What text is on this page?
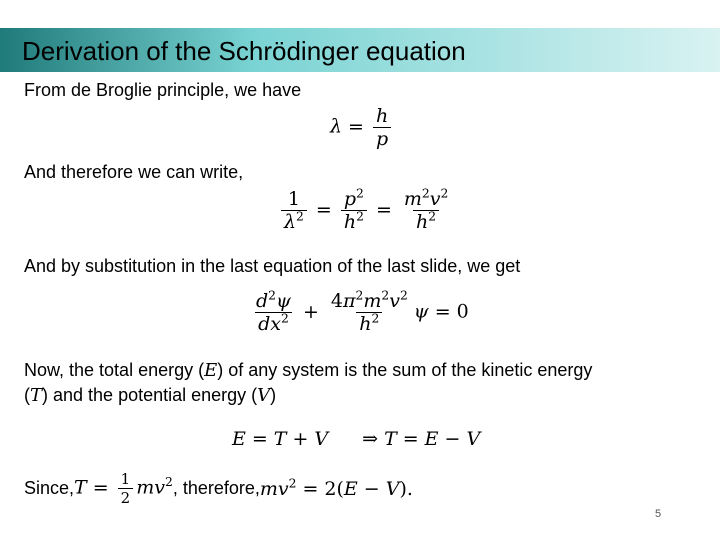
Derivation of the Schrödinger equation
From de Broglie principle, we have
$\lambda = \frac{h}{p}$
And therefore we can write,
$\frac{1}{\lambda^2} = \frac{p^2}{h^2} = \frac{m^2v^2}{h^2}$
And by substitution in the last equation of the last slide, we get
$\frac{d^2\psi}{dx^2} + \frac{4\pi^2m^2v^2}{h^2}$ ψ = 0
Now, the total energy (E) of any system is the sum of the kinetic energy
(T) and the potential energy (V)
E = T + V ⇒ T = E − V
Since, $T = \frac{1}{2} mv^2$ , therefore, $mv^2 = 2(E - V)$.
5
